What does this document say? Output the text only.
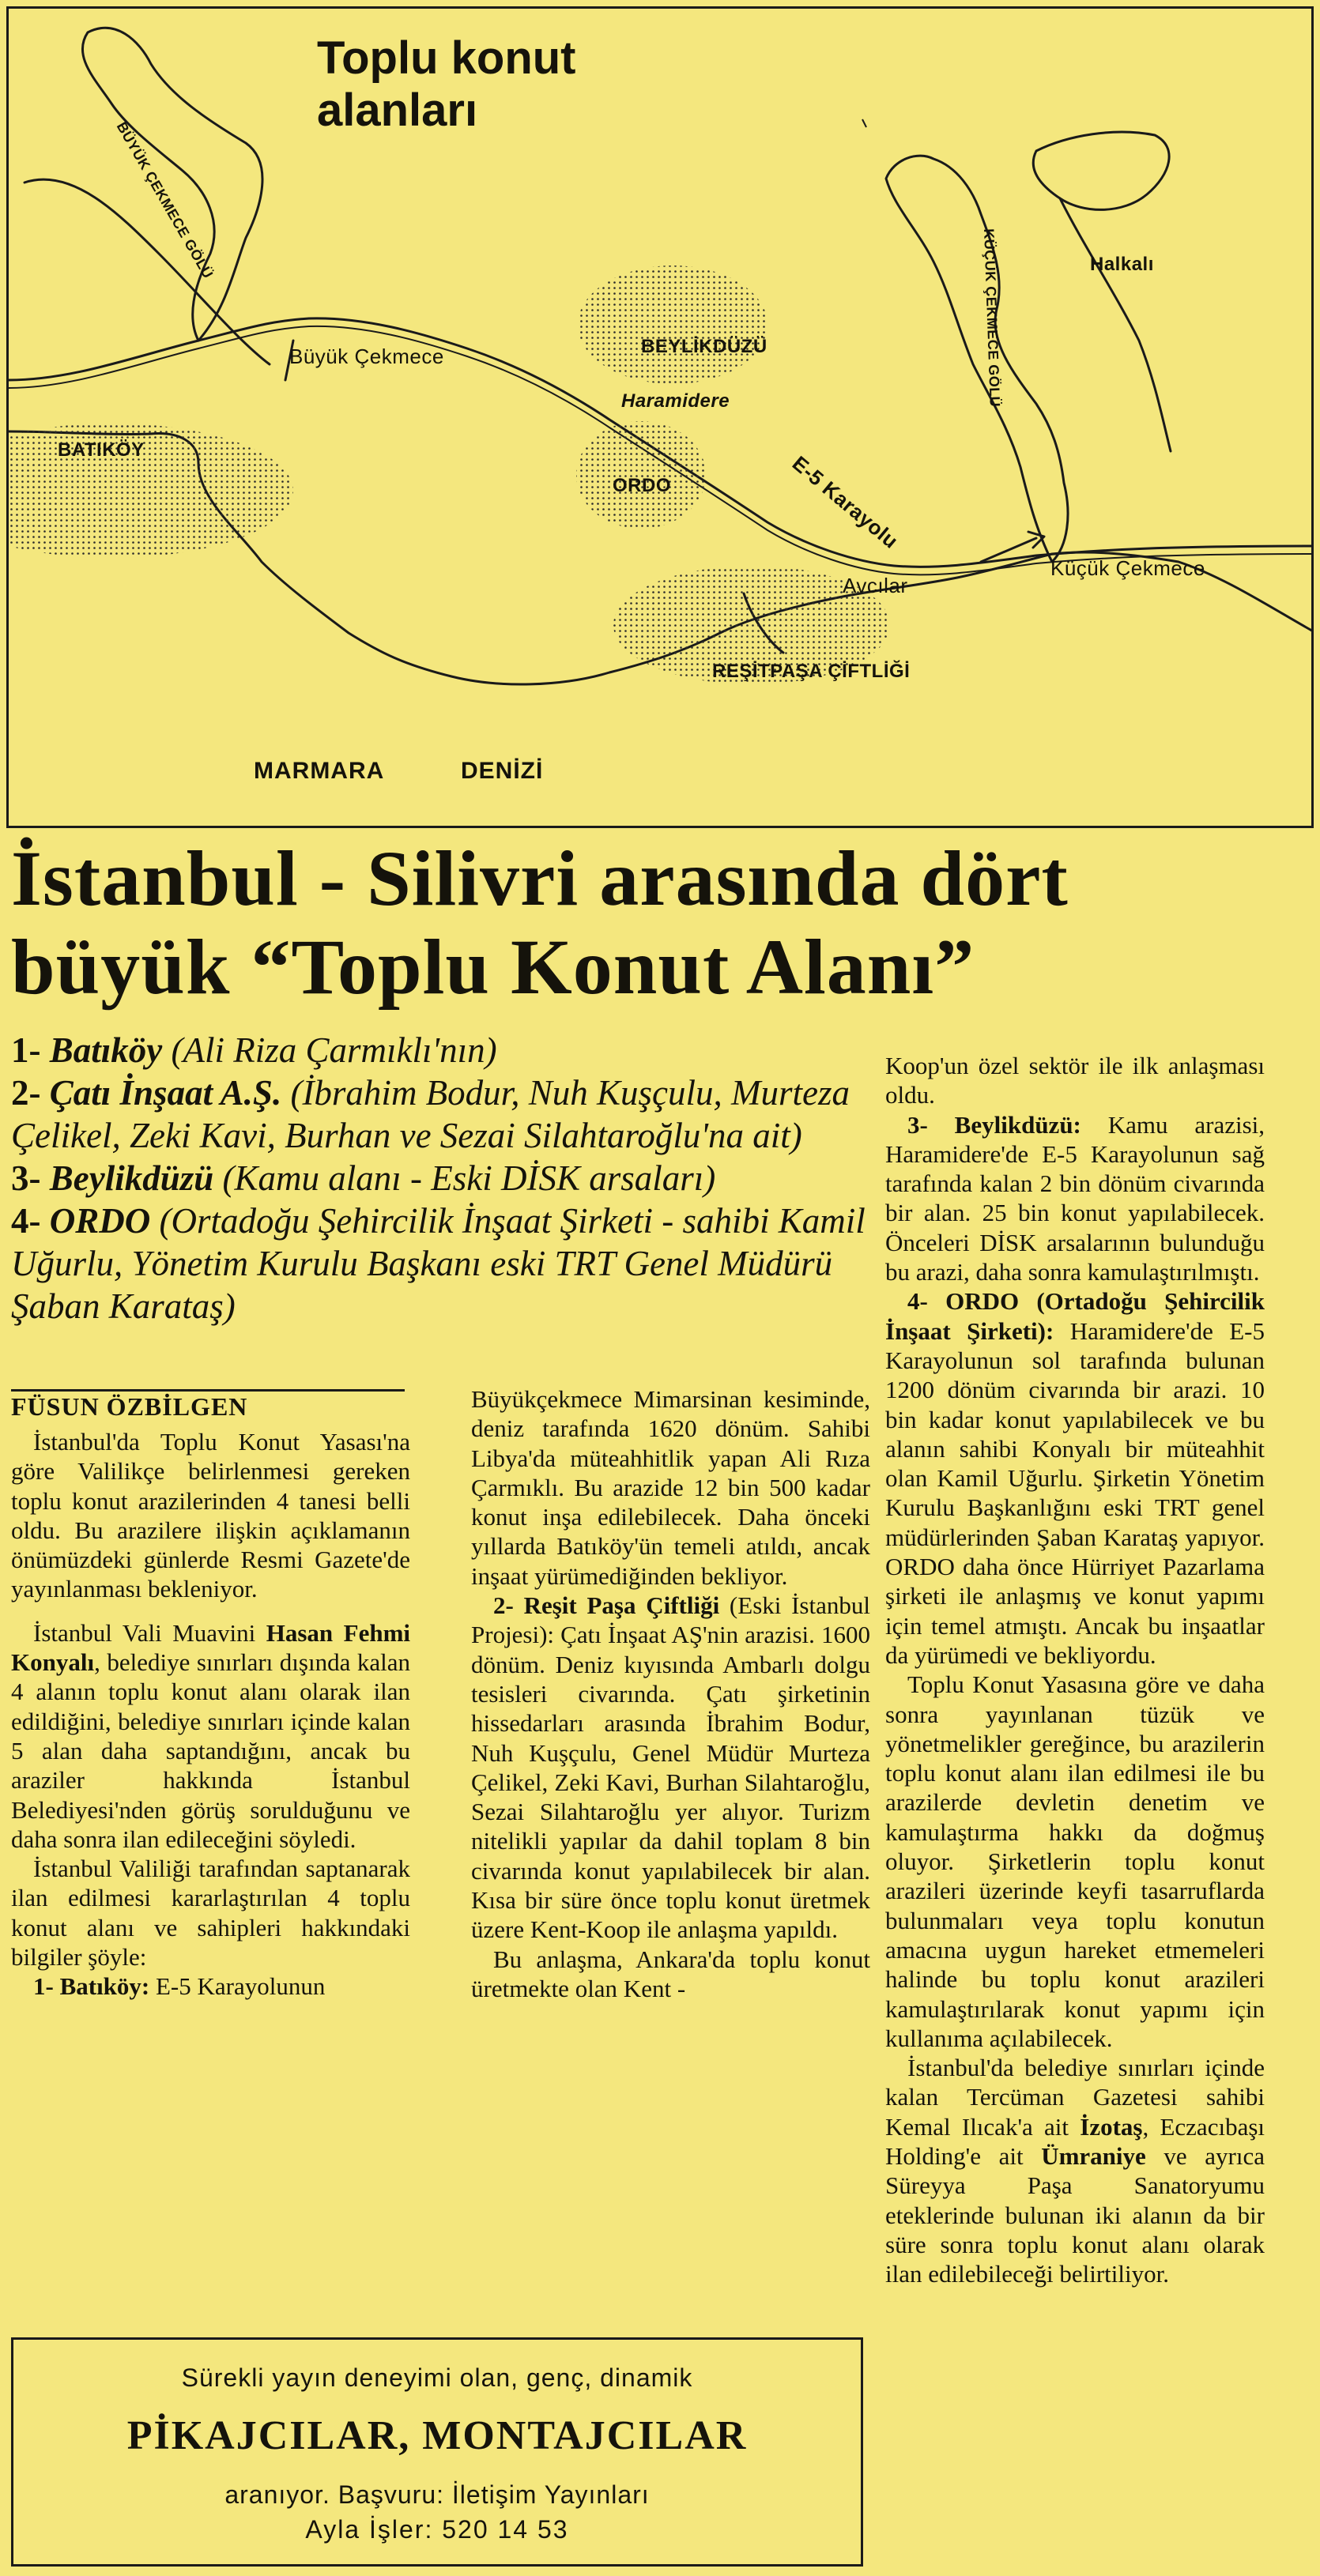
Toplu konut
alanları
BÜYÜK ÇEKMECE GÖLÜ
Büyük Çekmece
BATIKÖY
BEYLİKDÜZÜ
Haramidere
ORDO	E-5 Karayolu
Avcılar
REŞİTPAŞA ÇİFTLİĞİ
Halkalı
KÜÇÜK ÇEKMECE GÖLÜ
Küçük Çekmece
MARMARA	DENİZİ
İstanbul - Silivri arasında dört
büyük “Toplu Konut Alanı”
1- Batıköy (Ali Riza Çarmıklı'nın)
2- Çatı İnşaat A.Ş. (İbrahim Bodur, Nuh Kuşçulu, Murteza Çelikel, Zeki Kavi, Burhan ve Sezai Silahtaroğlu'na ait)
3- Beylikdüzü (Kamu alanı - Eski DİSK arsaları)
4- ORDO (Ortadoğu Şehircilik İnşaat Şirketi - sahibi Kamil Uğurlu, Yönetim Kurulu Başkanı eski TRT Genel Müdürü Şaban Karataş)
FÜSUN ÖZBİLGEN

İstanbul'da Toplu Konut Yasası'na göre Valilikçe belirlenmesi gereken toplu konut arazilerinden 4 tanesi belli oldu. Bu arazilere ilişkin açıklamanın önümüzdeki günlerde Resmi Gazete'de yayınlanması bekleniyor.

İstanbul Vali Muavini Hasan Fehmi Konyalı, belediye sınırları dışında kalan 4 alanın toplu konut alanı olarak ilan edildiğini, belediye sınırları içinde kalan 5 alan daha saptandığını, ancak bu araziler hakkında İstanbul Belediyesi'nden görüş sorulduğunu ve daha sonra ilan edileceğini söyledi.

İstanbul Valiliği tarafından saptanarak ilan edilmesi kararlaştırılan 4 toplu konut alanı ve sahipleri hakkındaki bilgiler şöyle:

1- Batıköy: E-5 Karayolunun

Büyükçekmece Mimarsinan kesiminde, deniz tarafında 1620 dönüm. Sahibi Libya'da müteahhitlik yapan Ali Rıza Çarmıklı. Bu arazide 12 bin 500 kadar konut inşa edilebilecek. Daha önceki yıllarda Batıköy'ün temeli atıldı, ancak inşaat yürümediğinden bekliyor.

2- Reşit Paşa Çiftliği (Eski İstanbul Projesi): Çatı İnşaat AŞ'nin arazisi. 1600 dönüm. Deniz kıyısında Ambarlı dolgu tesisleri civarında. Çatı şirketinin hissedarları arasında İbrahim Bodur, Nuh Kuşçulu, Genel Müdür Murteza Çelikel, Zeki Kavi, Burhan Silahtaroğlu, Sezai Silahtaroğlu yer alıyor. Turizm nitelikli yapılar da dahil toplam 8 bin civarında konut yapılabilecek bir alan. Kısa bir süre önce toplu konut üretmek üzere Kent-Koop ile anlaşma yapıldı.

Bu anlaşma, Ankara'da toplu konut üretmekte olan Kent -

Koop'un özel sektör ile ilk anlaşması oldu.

3- Beylikdüzü: Kamu arazisi, Haramidere'de E-5 Karayolunun sağ tarafında kalan 2 bin dönüm civarında bir alan. 25 bin konut yapılabilecek. Önceleri DİSK arsalarının bulunduğu bu arazi, daha sonra kamulaştırılmıştı.

4- ORDO (Ortadoğu Şehircilik İnşaat Şirketi): Haramidere'de E-5 Karayolunun sol tarafında bulunan 1200 dönüm civarında bir arazi. 10 bin kadar konut yapılabilecek ve bu alanın sahibi Konyalı bir müteahhit olan Kamil Uğurlu. Şirketin Yönetim Kurulu Başkanlığını eski TRT genel müdürlerinden Şaban Karataş yapıyor. ORDO daha önce Hürriyet Pazarlama şirketi ile anlaşmış ve konut yapımı için temel atmıştı. Ancak bu inşaatlar da yürümedi ve bekliyordu.

Toplu Konut Yasasına göre ve daha sonra yayınlanan tüzük ve yönetmelikler gereğince, bu arazilerin toplu konut alanı ilan edilmesi ile bu arazilerde devletin denetim ve kamulaştırma hakkı da doğmuş oluyor. Şirketlerin toplu konut arazileri üzerinde keyfi tasarruflarda bulunmaları veya toplu konutun amacına uygun hareket etmemeleri halinde bu toplu konut arazileri kamulaştırılarak konut yapımı için kullanıma açılabilecek.

İstanbul'da belediye sınırları içinde kalan Tercüman Gazetesi sahibi Kemal Ilıcak'a ait İzotaş, Eczacıbaşı Holding'e ait Ümraniye ve ayrıca Süreyya Paşa Sanatoryumu eteklerinde bulunan iki alanın da bir süre sonra toplu konut alanı olarak ilan edilebileceği belirtiliyor.

Sürekli yayın deneyimi olan, genç, dinamik
PİKAJCILAR, MONTAJCILAR
aranıyor. Başvuru: İletişim Yayınları
Ayla İşler: 520 14 53
